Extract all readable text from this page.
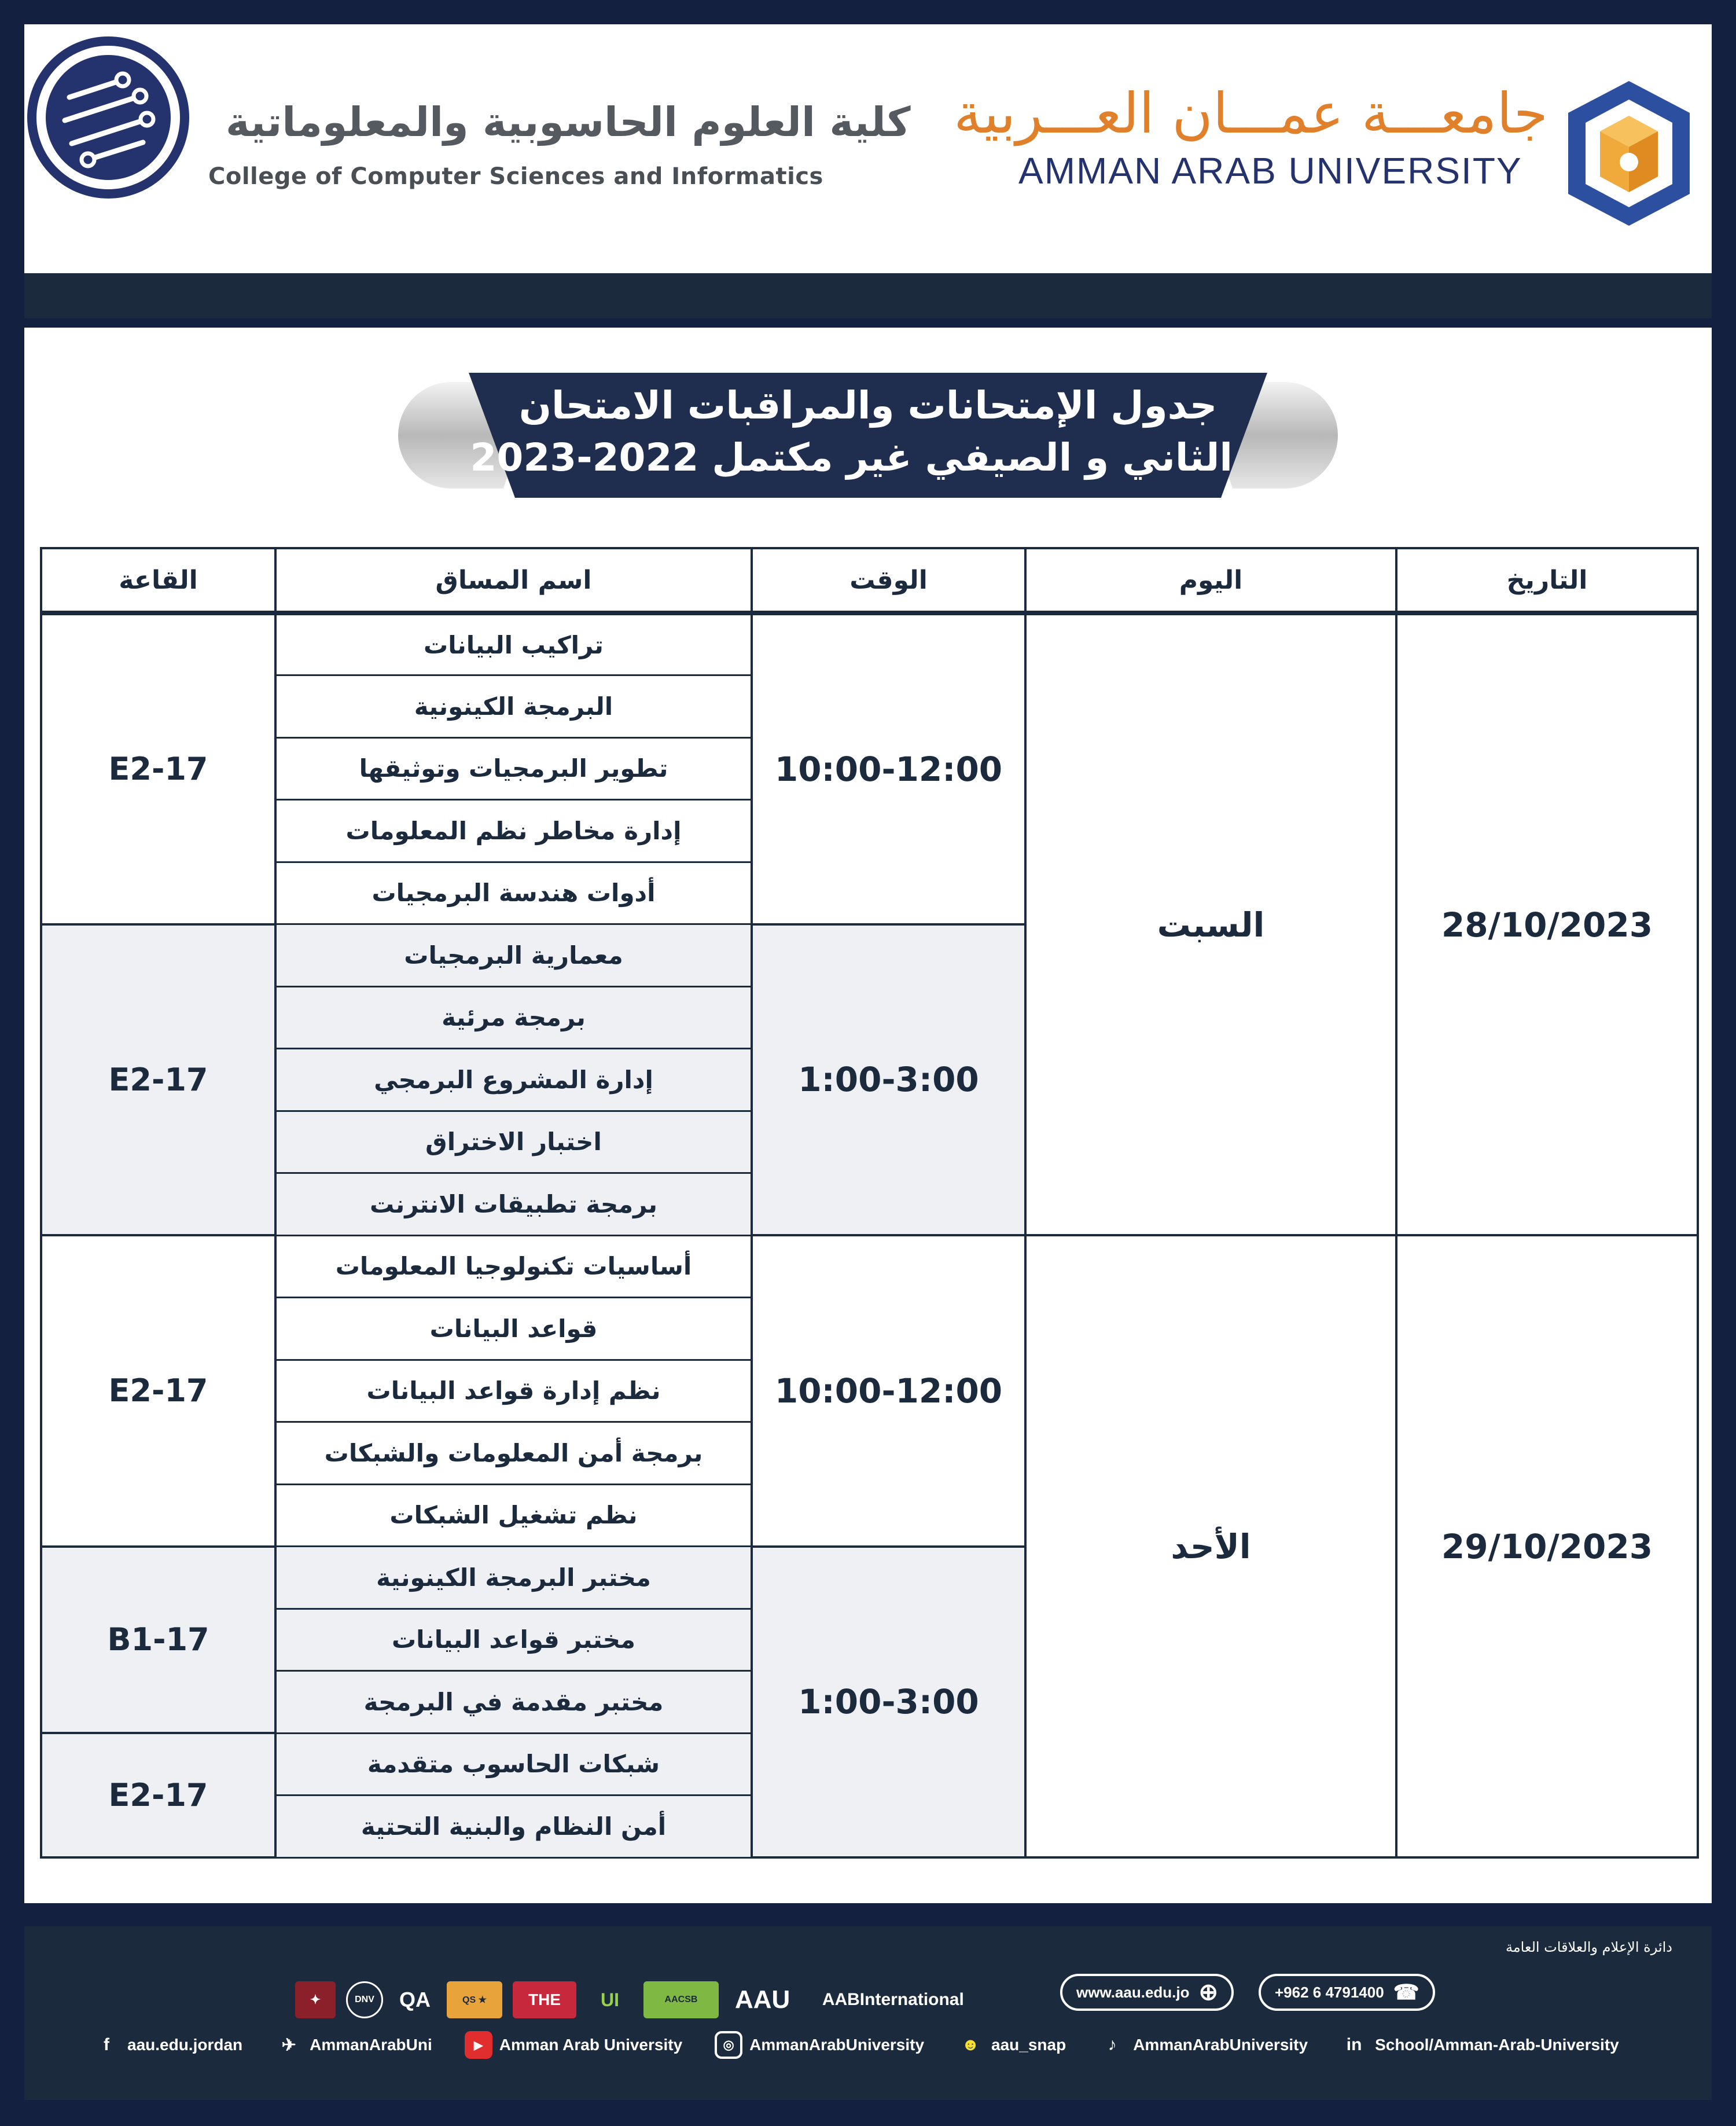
كلية العلوم الحاسوبية والمعلوماتية
College of Computer Sciences and Informatics
جامعـــة عمـــان العـــربية
AMMAN ARAB UNIVERSITY
جدول الإمتحانات والمراقبات الامتحان
الثاني و الصيفي غير مكتمل 2022-2023
التاريخ	اليوم	الوقت	اسم المساق	القاعة
28/10/2023	السبت	10:00-12:00	تراكيب البيانات	E2-17
			البرمجة الكينونية	
			تطوير البرمجيات وتوثيقها	
			إدارة مخاطر نظم المعلومات	
			أدوات هندسة البرمجيات	
		1:00-3:00	معمارية البرمجيات	E2-17
			برمجة مرئية	
			إدارة المشروع البرمجي	
			اختبار الاختراق	
			برمجة تطبيقات الانترنت	
29/10/2023	الأحد	10:00-12:00	أساسيات تكنولوجيا المعلومات	E2-17
			قواعد البيانات	
			نظم إدارة قواعد البيانات	
			برمجة أمن المعلومات والشبكات	
			نظم تشغيل الشبكات	
		1:00-3:00	مختبر البرمجة الكينونية	B1-17
			مختبر قواعد البيانات	
			مختبر مقدمة في البرمجة	
			شبكات الحاسوب متقدمة	E2-17
			أمن النظام والبنية التحتية	
دائرة الإعلام والعلاقات العامة
✦	DNV	QA	QS ★	THE	UI	AACSB	AAU	AABInternational	www.aau.edu.jo ⊕	+962 6 4791400 ☎
f	aau.edu.jordan	✈ AmmanArabUni	▶	Amman Arab University	◎ AmmanArabUniversity ☻ aau_snap	♪	AmmanArabUniversity	in School/Amman-Arab-University
